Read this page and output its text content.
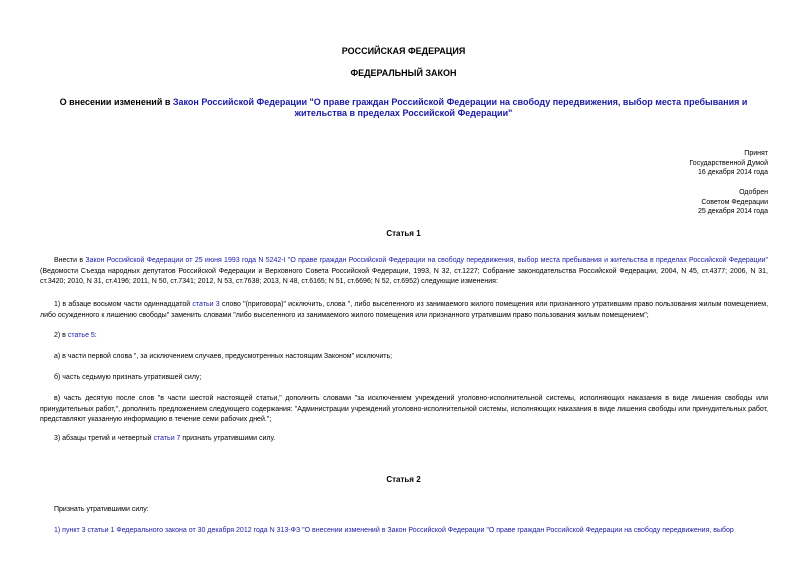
РОССИЙСКАЯ ФЕДЕРАЦИЯ
ФЕДЕРАЛЬНЫЙ ЗАКОН
О внесении изменений в Закон Российской Федерации "О праве граждан Российской Федерации на свободу передвижения, выбор места пребывания и
жительства в пределах Российской Федерации"
Принят
Государственной Думой
16 декабря 2014 года
Одобрен
Советом Федерации
25 декабря 2014 года
Статья 1
Внести в Закон Российской Федерации от 25 июня 1993 года N 5242-I "О праве граждан Российской Федерации на свободу передвижения, выбор места пребывания и жительства в пределах Российской Федерации" (Ведомости Съезда народных депутатов Российской Федерации и Верховного Совета Российской Федерации, 1993, N 32, ст.1227; Собрание законодательства Российской Федерации, 2004, N 45, ст.4377; 2006, N 31, ст.3420; 2010, N 31, ст.4196; 2011, N 50, ст.7341; 2012, N 53, ст.7638; 2013, N 48, ст.6165; N 51, ст.6696; N 52, ст.6952) следующие изменения:
1) в абзаце восьмом части одиннадцатой статьи 3 слово "(приговора)" исключить, слова ", либо выселенного из занимаемого жилого помещения или признанного утратившим право пользования жилым помещением, либо осужденного к лишению свободы" заменить словами "либо выселенного из занимаемого жилого помещения или признанного утратившим право пользования жилым помещением";
2) в статье 5:
а) в части первой слова ", за исключением случаев, предусмотренных настоящим Законом" исключить;
б) часть седьмую признать утратившей силу;
в) часть десятую после слов "в части шестой настоящей статьи," дополнить словами "за исключением учреждений уголовно-исполнительной системы, исполняющих наказания в виде лишения свободы или принудительных работ,", дополнить предложением следующего содержания: "Администрации учреждений уголовно-исполнительной системы, исполняющих наказания в виде лишения свободы или принудительных работ, представляют указанную информацию в течение семи рабочих дней.";
3) абзацы третий и четвертый статьи 7 признать утратившими силу.
Статья 2
Признать утратившими силу:
1) пункт 3 статьи 1 Федерального закона от 30 декабря 2012 года N 313-ФЗ "О внесении изменений в Закон Российской Федерации "О праве граждан Российской Федерации на свободу передвижения, выбор
